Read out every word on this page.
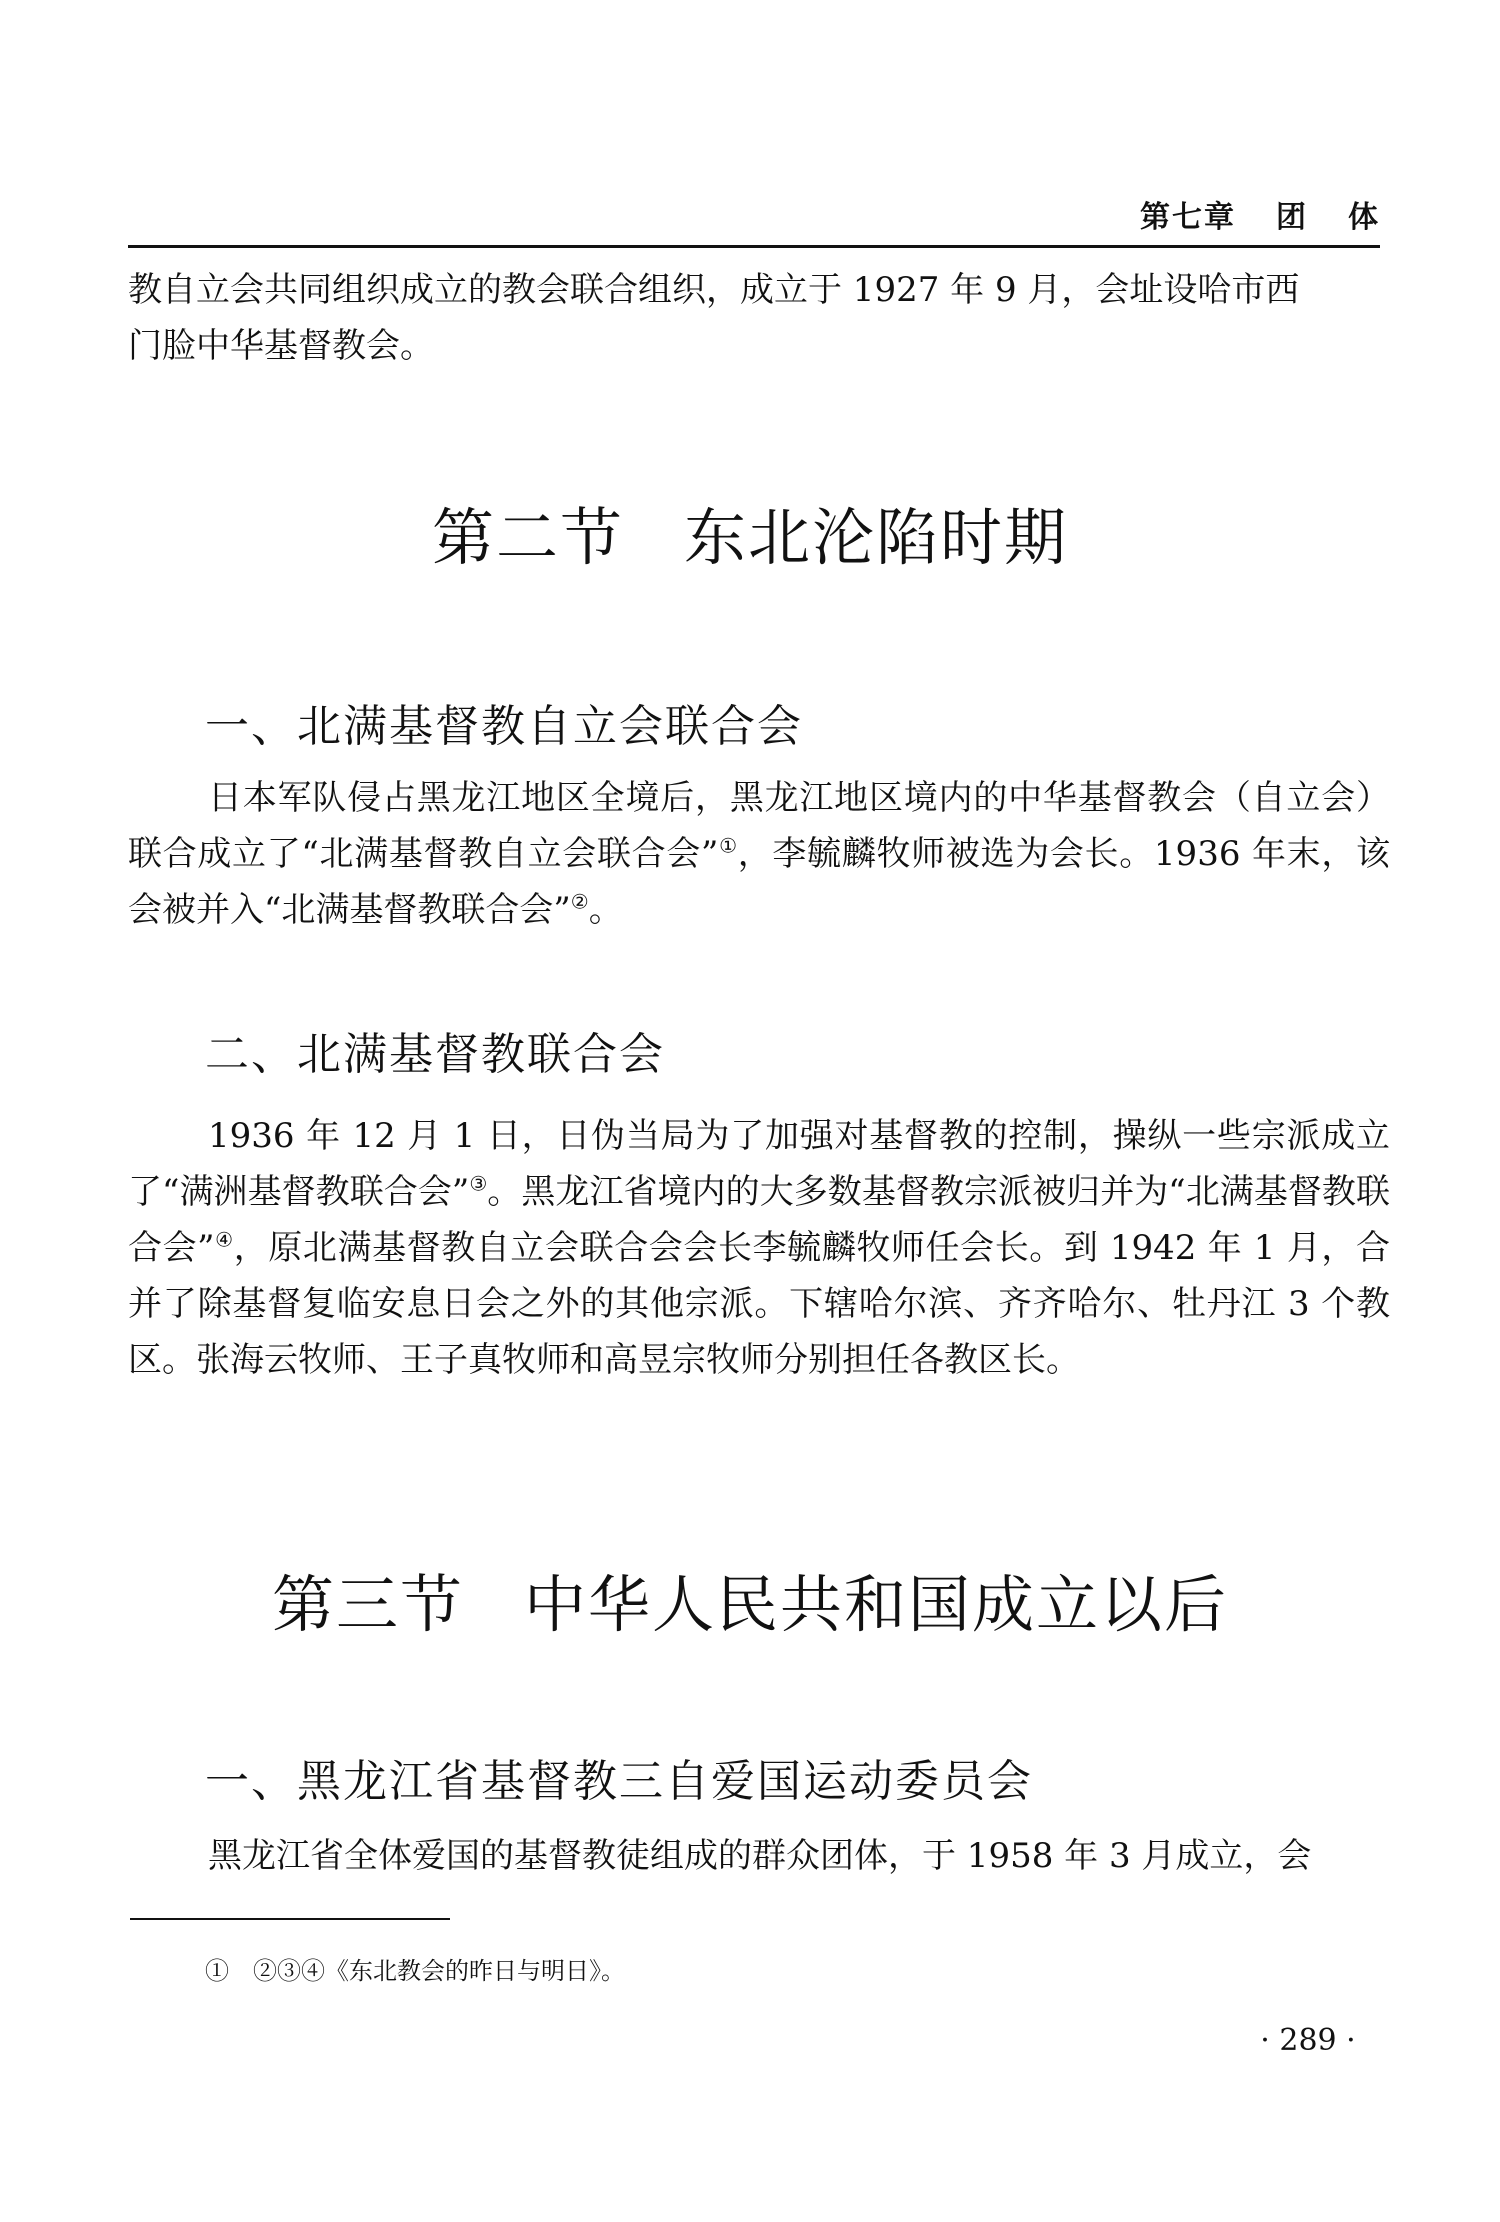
第七章 团 体

教自立会共同组织成立的教会联合组织，成立于 1927 年 9 月，会址设哈市西
门脸中华基督教会。

第二节 东北沦陷时期
一、北满基督教自立会联合会

日本军队侵占黑龙江地区全境后，黑龙江地区境内的中华基督教会（自立会）联合成立了“北满基督教自立会联合会”①，李毓麟牧师被选为会长。1936 年末，该会被并入“北满基督教联合会”②。

二、北满基督教联合会

1936 年 12 月 1 日，日伪当局为了加强对基督教的控制，操纵一些宗派成立了“满洲基督教联合会”③。黑龙江省境内的大多数基督教宗派被归并为“北满基督教联合会”④，原北满基督教自立会联合会会长李毓麟牧师任会长。到 1942 年 1 月，合并了除基督复临安息日会之外的其他宗派。下辖哈尔滨、齐齐哈尔、牡丹江 3 个教区。张海云牧师、王子真牧师和高昱宗牧师分别担任各教区长。

第三节 中华人民共和国成立以后
一、黑龙江省基督教三自爱国运动委员会

黑龙江省全体爱国的基督教徒组成的群众团体，于 1958 年 3 月成立，会

①　②③④《东北教会的昨日与明日》。
· 289 ·
